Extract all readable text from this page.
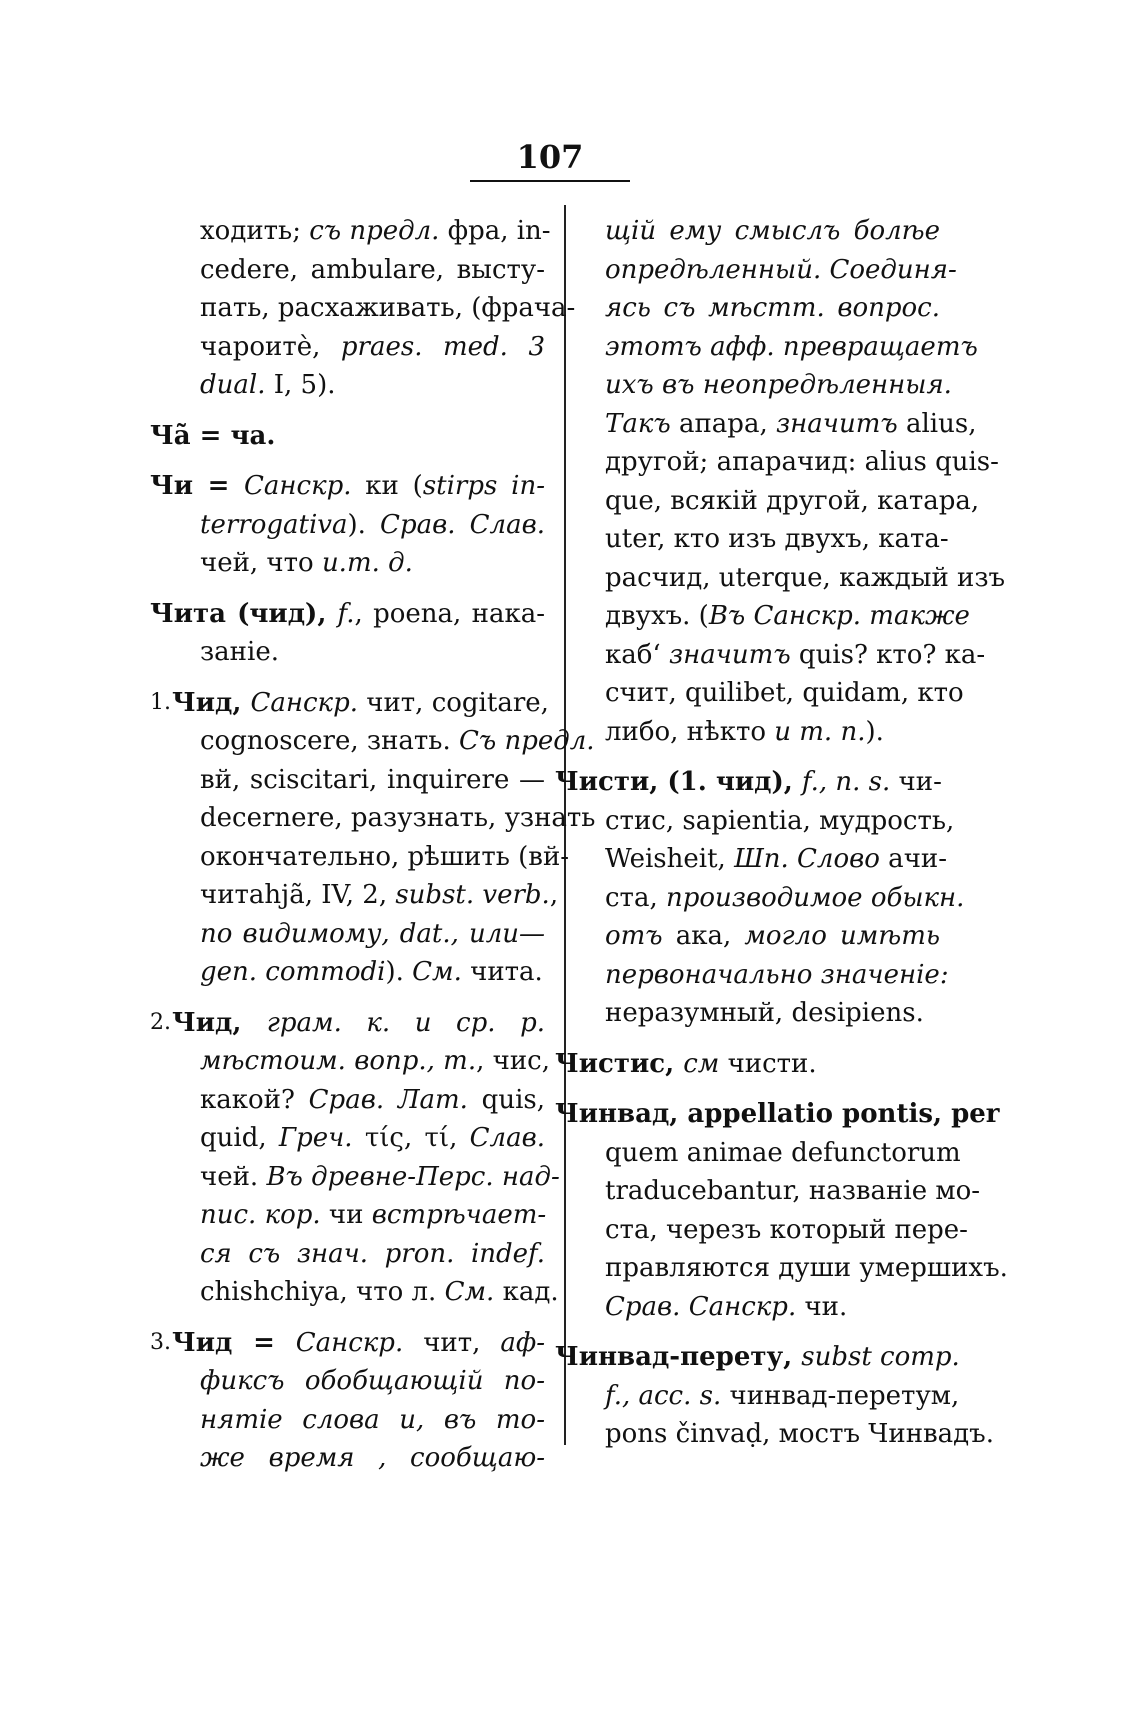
107
ходить; съ предл. фра, in-
cedere, ambulare, высту-
пать, расхаживать, (фрача-
чароитѐ, praes. med. 3
dual. I, 5).
Ча̃ = ча.
Чи = Санскр. ки (stirps in-
terrogativa). Срав. Слав.
чей, что и.т. д.
Чита (чид), f., poena, нака-
заніе.
1. Чид, Санскр. чит, cogitare,
cognoscere, знать. Съ предл.
вй, sciscitari, inquirere —
decernere, разузнать, узнать
окончательно, рѣшить (вй-
читаhjã, IV, 2, subst. verb.,
по видимому, dat., или—
gen. commodi). См. чита.
2. Чид, грам. к. и ср. р.
мѣстоим. вопр., m., чис,
какой? Срав. Лат. quis,
quid, Греч. τίς, τί, Слав.
чей. Въ древне-Перс. над-
пис. кор. чи встрѣчает-
ся съ знач. pron. indef.
chishchiya, что л. См. кад.
3. Чид = Санскр. чит, аф-
фиксъ обобщающій по-
нятіе слова и, въ то-
же время , сообщаю-
щій ему смыслъ болѣе
опредѣленный. Соединя-
ясь съ мѣстт. вопрос.
этотъ афф. превращаетъ
ихъ въ неопредѣленныя.
Такъ апара, значитъ alius,
другой; апарачид: alius quis-
que, всякій другой, катара,
uter, кто изъ двухъ, ката-
расчид, uterque, каждый изъ
двухъ. (Въ Санскр. также
кабʻ значитъ quis? кто? ка-
счит, quilibet, quidam, кто
либо, нѣкто и т. п.).
Чисти, (1. чид), f., n. s. чи-
стис, sapientia, мудрость,
Weisheit, Шп. Слово ачи-
ста, производимое обыкн.
отъ ака, могло имѣть
первоначально значеніе:
неразумный, desipiens.
Чистис, см чисти.
Чинвад, appellatio pontis, per
quem animae defunctorum
traducebantur, названіе мо-
ста, черезъ который пере-
правляются души умершихъ.
Срав. Санскр. чи.
Чинвад-перету, subst comp.
f., acc. s. чинвад-перетум,
pons činvaḍ, мостъ Чинвадъ.
